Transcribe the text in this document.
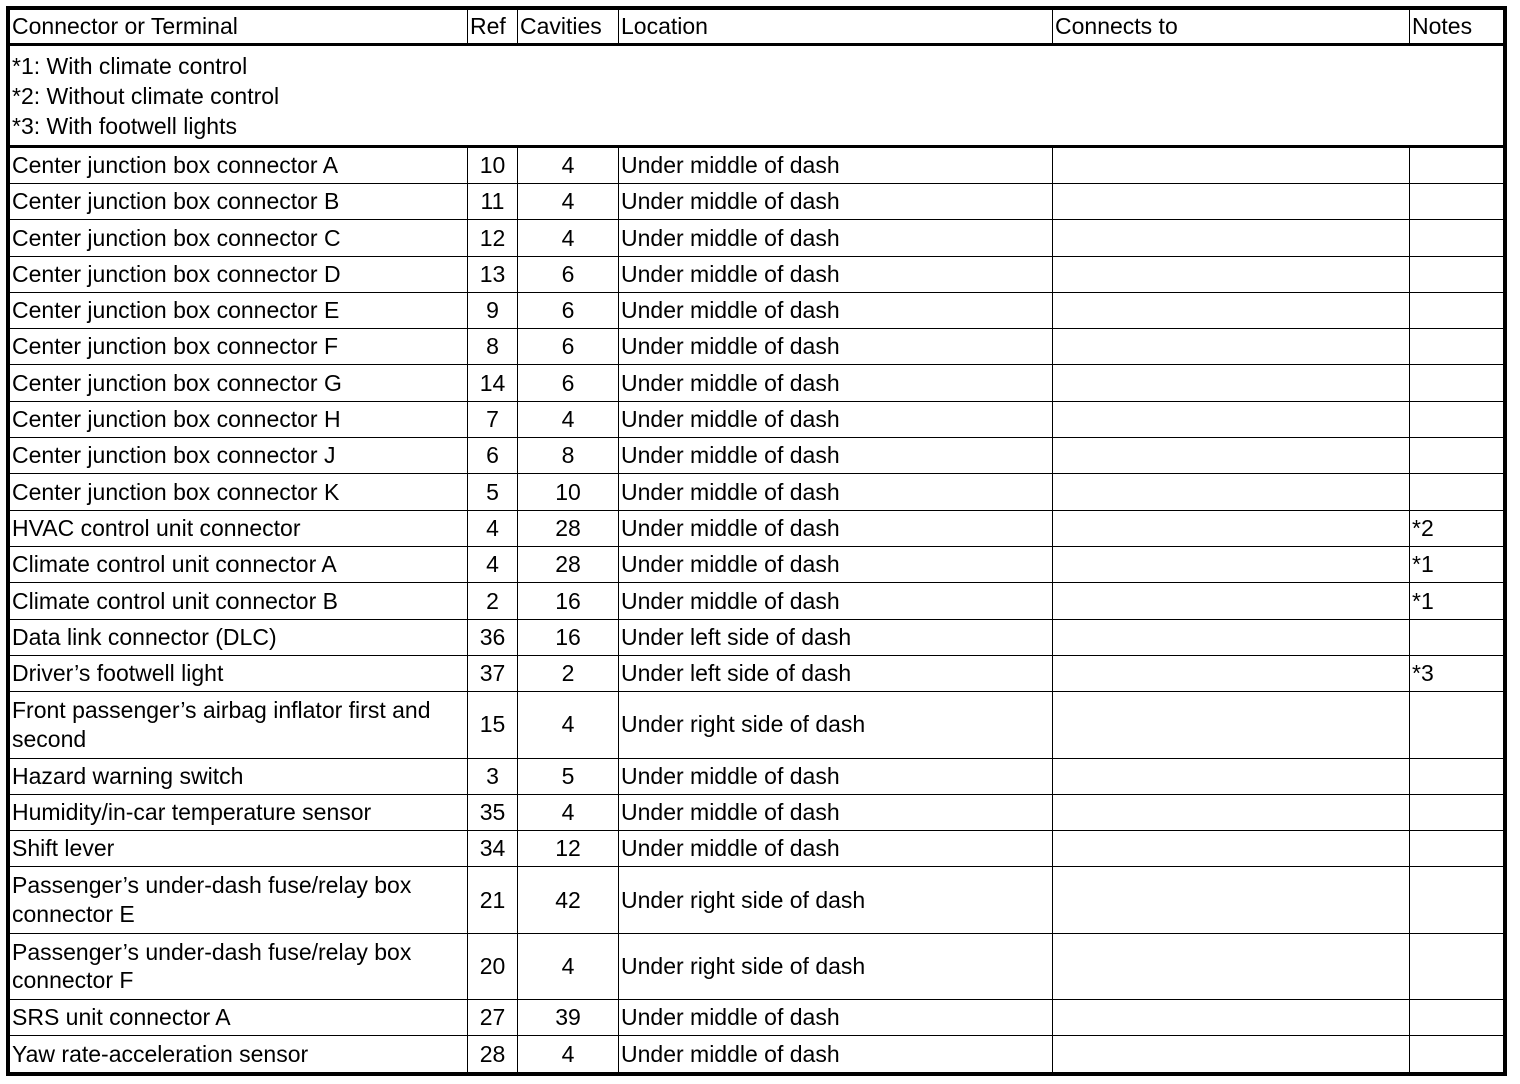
Connector or Terminal	Ref	Cavities	Location	Connects to	Notes

*1: With climate control
*2: Without climate control
*3: With footwell lights					

Center junction box connector A	10	4	Under middle of dash		
Center junction box connector B	11	4	Under middle of dash		
Center junction box connector C	12	4	Under middle of dash		
Center junction box connector D	13	6	Under middle of dash		
Center junction box connector E	9	6	Under middle of dash		
Center junction box connector F	8	6	Under middle of dash		
Center junction box connector G	14	6	Under middle of dash		
Center junction box connector H	7	4	Under middle of dash		
Center junction box connector J	6	8	Under middle of dash		
Center junction box connector K	5	10	Under middle of dash		
HVAC control unit connector	4	28	Under middle of dash		*2
Climate control unit connector A	4	28	Under middle of dash		*1
Climate control unit connector B	2	16	Under middle of dash		*1
Data link connector (DLC)	36	16	Under left side of dash		
Driver’s footwell light	37	2	Under left side of dash		*3
Front passenger’s airbag inflator first and second	15	4	Under right side of dash		
Hazard warning switch	3	5	Under middle of dash		
Humidity/in-car temperature sensor	35	4	Under middle of dash		
Shift lever	34	12	Under middle of dash		
Passenger’s under-dash fuse/relay box connector E	21	42	Under right side of dash		
Passenger’s under-dash fuse/relay box connector F	20	4	Under right side of dash		
SRS unit connector A	27	39	Under middle of dash		
Yaw rate-acceleration sensor	28	4	Under middle of dash		
